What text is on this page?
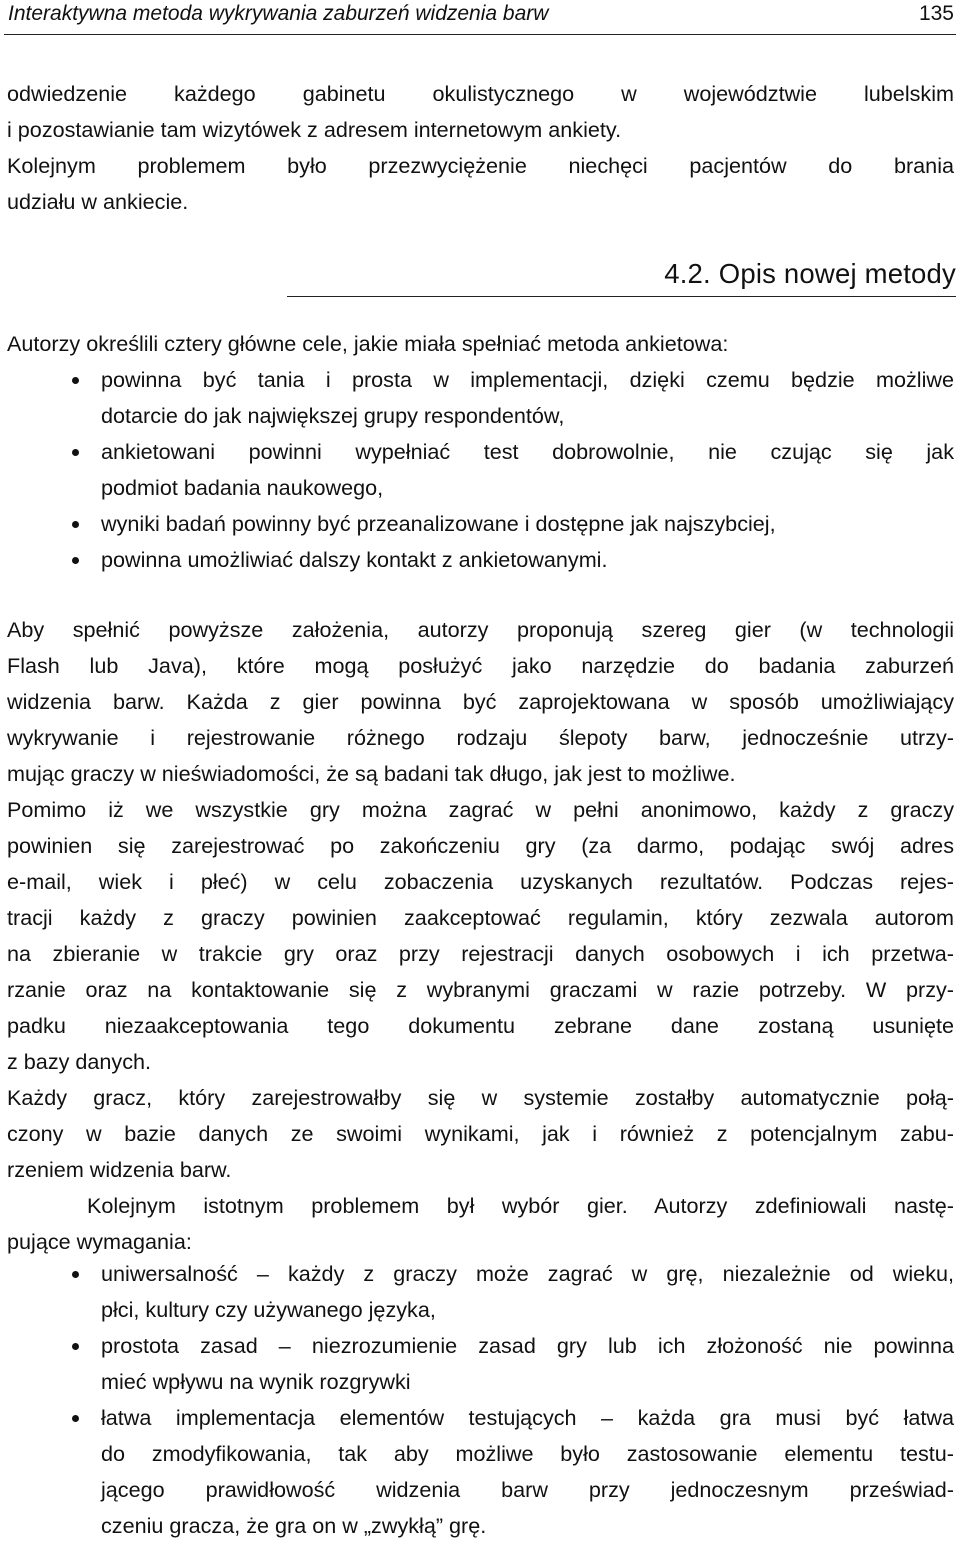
Interaktywna metoda wykrywania zaburzeń widzenia barw	135
odwiedzenie każdego gabinetu okulistycznego w województwie lubelskim
i pozostawianie tam wizytówek z adresem internetowym ankiety.
Kolejnym problemem było przezwyciężenie niechęci pacjentów do brania
udziału w ankiecie.
4.2. Opis nowej metody
Autorzy określili cztery główne cele, jakie miała spełniać metoda ankietowa:
powinna być tania i prosta w implementacji, dzięki czemu będzie możliwe
dotarcie do jak największej grupy respondentów,
ankietowani powinni wypełniać test dobrowolnie, nie czując się jak
podmiot badania naukowego,
wyniki badań powinny być przeanalizowane i dostępne jak najszybciej,
powinna umożliwiać dalszy kontakt z ankietowanymi.
Aby spełnić powyższe założenia, autorzy proponują szereg gier (w technologii
Flash lub Java), które mogą posłużyć jako narzędzie do badania zaburzeń
widzenia barw. Każda z gier powinna być zaprojektowana w sposób umożliwiający
wykrywanie i rejestrowanie różnego rodzaju ślepoty barw, jednocześnie utrzy-
mując graczy w nieświadomości, że są badani tak długo, jak jest to możliwe.
Pomimo iż we wszystkie gry można zagrać w pełni anonimowo, każdy z graczy
powinien się zarejestrować po zakończeniu gry (za darmo, podając swój adres
e-mail, wiek i płeć) w celu zobaczenia uzyskanych rezultatów. Podczas rejes-
tracji każdy z graczy powinien zaakceptować regulamin, który zezwala autorom
na zbieranie w trakcie gry oraz przy rejestracji danych osobowych i ich przetwa-
rzanie oraz na kontaktowanie się z wybranymi graczami w razie potrzeby. W przy-
padku niezaakceptowania tego dokumentu zebrane dane zostaną usunięte
z bazy danych.
Każdy gracz, który zarejestrowałby się w systemie zostałby automatycznie połą-
czony w bazie danych ze swoimi wynikami, jak i również z potencjalnym zabu-
rzeniem widzenia barw.
Kolejnym istotnym problemem był wybór gier. Autorzy zdefiniowali nastę-
pujące wymagania:
uniwersalność – każdy z graczy może zagrać w grę, niezależnie od wieku,
płci, kultury czy używanego języka,
prostota zasad – niezrozumienie zasad gry lub ich złożoność nie powinna
mieć wpływu na wynik rozgrywki
łatwa implementacja elementów testujących – każda gra musi być łatwa
do zmodyfikowania, tak aby możliwe było zastosowanie elementu testu-
jącego prawidłowość widzenia barw przy jednoczesnym przeświad-
czeniu gracza, że gra on w „zwykłą” grę.
